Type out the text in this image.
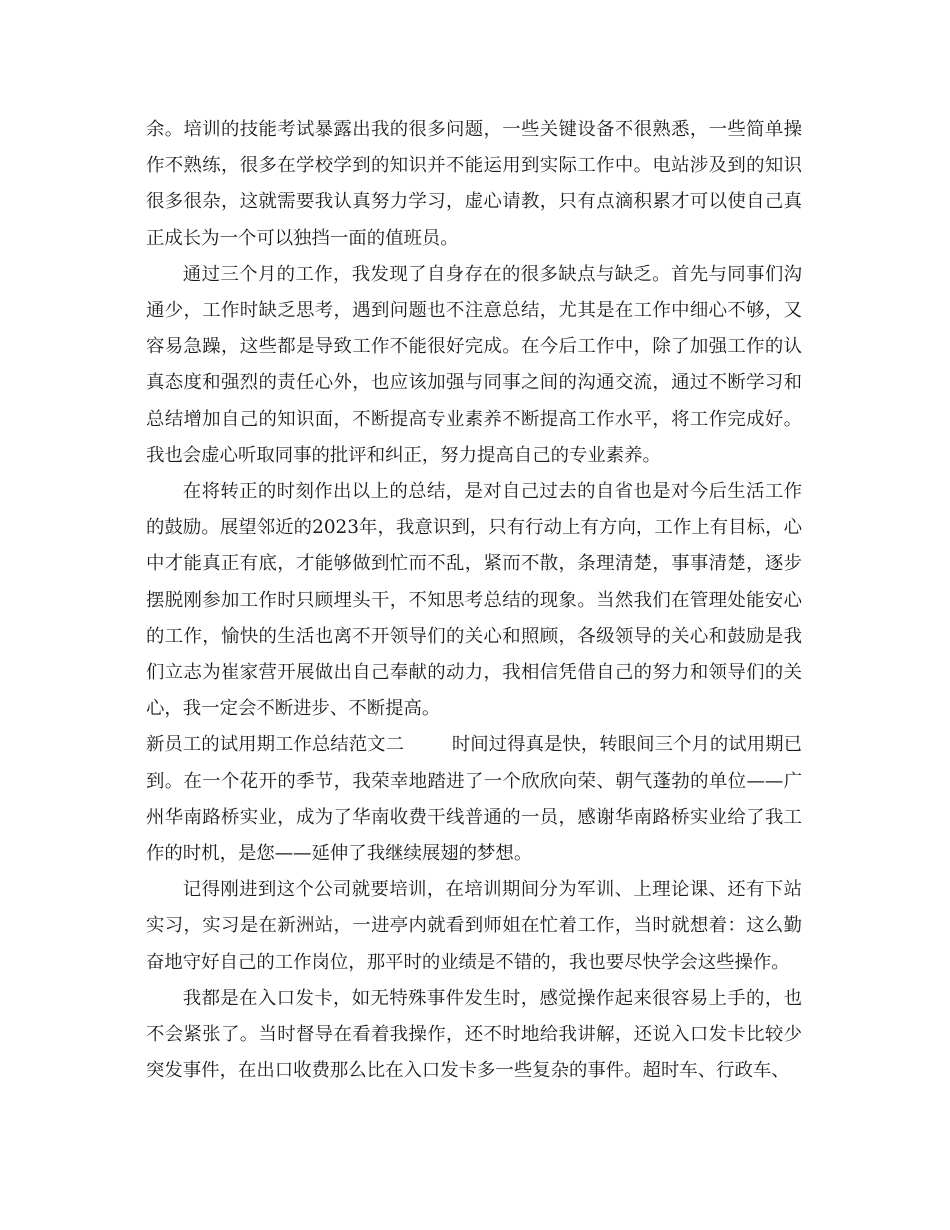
余。培训的技能考试暴露出我的很多问题，一些关键设备不很熟悉，一些简单操作不熟练，很多在学校学到的知识并不能运用到实际工作中。电站涉及到的知识很多很杂，这就需要我认真努力学习，虚心请教，只有点滴积累才可以使自己真正成长为一个可以独挡一面的值班员。

通过三个月的工作，我发现了自身存在的很多缺点与缺乏。首先与同事们沟通少，工作时缺乏思考，遇到问题也不注意总结，尤其是在工作中细心不够，又容易急躁，这些都是导致工作不能很好完成。在今后工作中，除了加强工作的认真态度和强烈的责任心外，也应该加强与同事之间的沟通交流，通过不断学习和总结增加自己的知识面，不断提高专业素养不断提高工作水平，将工作完成好。我也会虚心听取同事的批评和纠正，努力提高自己的专业素养。

在将转正的时刻作出以上的总结，是对自己过去的自省也是对今后生活工作的鼓励。展望邻近的2023年，我意识到，只有行动上有方向，工作上有目标，心中才能真正有底，才能够做到忙而不乱，紧而不散，条理清楚，事事清楚，逐步摆脱刚参加工作时只顾埋头干，不知思考总结的现象。当然我们在管理处能安心的工作，愉快的生活也离不开领导们的关心和照顾，各级领导的关心和鼓励是我们立志为崔家营开展做出自己奉献的动力，我相信凭借自己的努力和领导们的关心，我一定会不断进步、不断提高。

新员工的试用期工作总结范文二	时间过得真是快，转眼间三个月的试用期已到。在一个花开的季节，我荣幸地踏进了一个欣欣向荣、朝气蓬勃的单位——广州华南路桥实业，成为了华南收费干线普通的一员，感谢华南路桥实业给了我工作的时机，是您——延伸了我继续展翅的梦想。

记得刚进到这个公司就要培训，在培训期间分为军训、上理论课、还有下站实习，实习是在新洲站，一进亭内就看到师姐在忙着工作，当时就想着：这么勤奋地守好自己的工作岗位，那平时的业绩是不错的，我也要尽快学会这些操作。

我都是在入口发卡，如无特殊事件发生时，感觉操作起来很容易上手的，也不会紧张了。当时督导在看着我操作，还不时地给我讲解，还说入口发卡比较少突发事件，在出口收费那么比在入口发卡多一些复杂的事件。超时车、行政车、
